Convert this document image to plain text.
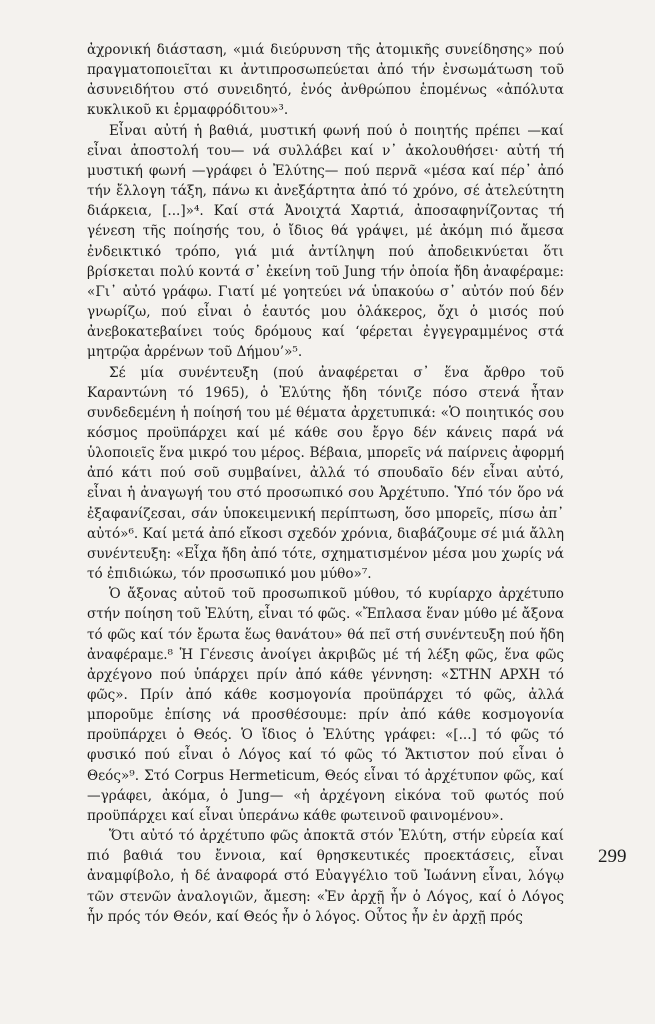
ἀχρονική διάσταση, «μιά διεύρυνση τῆς ἀτομικῆς συνείδησης» πού πραγματοποιεῖται κι ἀντιπροσωπεύεται ἀπό τήν ἐνσωμάτωση τοῦ ἀσυνειδήτου στό συνειδητό, ἑνός ἀνθρώπου ἑπομένως «ἀπόλυτα κυκλικοῦ κι ἑρμαφρόδιτου»³.

Εἶναι αὐτή ἡ βαθιά, μυστική φωνή πού ὁ ποιητής πρέπει —καί εἶναι ἀποστολή του— νά συλλάβει καί ν᾽ ἀκολουθήσει· αὐτή τή μυστική φωνή —γράφει ὁ Ἐλύτης— πού περνᾶ «μέσα καί πέρ᾽ ἀπό τήν ἔλλογη τάξη, πάνω κι ἀνεξάρτητα ἀπό τό χρόνο, σέ ἀτελεύτητη διάρκεια, [...]»⁴. Καί στά Ἀνοιχτά Χαρτιά, ἀποσαφηνίζοντας τή γένεση τῆς ποίησής του, ὁ ἴδιος θά γράψει, μέ ἀκόμη πιό ἄμεσα ἐνδεικτικό τρόπο, γιά μιά ἀντίληψη πού ἀποδεικνύεται ὅτι βρίσκεται πολύ κοντά σ᾽ ἐκείνη τοῦ Jung τήν ὁποία ἤδη ἀναφέραμε: «Γι᾽ αὐτό γράφω. Γιατί μέ γοητεύει νά ὑπακούω σ᾽ αὐτόν πού δέν γνωρίζω, πού εἶναι ὁ ἑαυτός μου ὁλάκερος, ὄχι ὁ μισός πού ἀνεβοκατεβαίνει τούς δρόμους καί ‘φέρεται ἐγγεγραμμένος στά μητρῷα ἀρρένων τοῦ Δήμου’»⁵.

Σέ μία συνέντευξη (πού ἀναφέρεται σ᾽ ἕνα ἄρθρο τοῦ Καραντώνη τό 1965), ὁ Ἐλύτης ἤδη τόνιζε πόσο στενά ἦταν συνδεδεμένη ἡ ποίησή του μέ θέματα ἀρχετυπικά: «Ὁ ποιητικός σου κόσμος προϋπάρχει καί μέ κάθε σου ἔργο δέν κάνεις παρά νά ὑλοποιεῖς ἕνα μικρό του μέρος. Βέβαια, μπορεῖς νά παίρνεις ἀφορμή ἀπό κάτι πού σοῦ συμβαίνει, ἀλλά τό σπουδαῖο δέν εἶναι αὐτό, εἶναι ἡ ἀναγωγή του στό προσωπικό σου Ἀρχέτυπο. Ὑπό τόν ὅρο νά ἐξαφανίζεσαι, σάν ὑποκειμενική περίπτωση, ὅσο μπορεῖς, πίσω ἀπ᾽ αὐτό»⁶. Καί μετά ἀπό εἴκοσι σχεδόν χρόνια, διαβάζουμε σέ μιά ἄλλη συνέντευξη: «Εἶχα ἤδη ἀπό τότε, σχηματισμένον μέσα μου χωρίς νά τό ἐπιδιώκω, τόν προσωπικό μου μύθο»⁷.

Ὁ ἄξονας αὐτοῦ τοῦ προσωπικοῦ μύθου, τό κυρίαρχο ἀρχέτυπο στήν ποίηση τοῦ Ἐλύτη, εἶναι τό φῶς. «Ἔπλασα ἕναν μύθο μέ ἄξονα τό φῶς καί τόν ἔρωτα ἕως θανάτου» θά πεῖ στή συνέντευξη πού ἤδη ἀναφέραμε.⁸ Ἡ Γένεσις ἀνοίγει ἀκριβῶς μέ τή λέξη φῶς, ἕνα φῶς ἀρχέγονο πού ὑπάρχει πρίν ἀπό κάθε γέννηση: «ΣΤΗΝ ΑΡΧΗ τό φῶς». Πρίν ἀπό κάθε κοσμογονία προϋπάρχει τό φῶς, ἀλλά μποροῦμε ἐπίσης νά προσθέσουμε: πρίν ἀπό κάθε κοσμογονία προϋπάρχει ὁ Θεός. Ὁ ἴδιος ὁ Ἐλύτης γράφει: «[...] τό φῶς τό φυσικό πού εἶναι ὁ Λόγος καί τό φῶς τό Ἄκτιστον πού εἶναι ὁ Θεός»⁹. Στό Corpus Hermeticum, Θεός εἶναι τό ἀρχέτυπον φῶς, καί —γράφει, ἀκόμα, ὁ Jung— «ἡ ἀρχέγονη εἰκόνα τοῦ φωτός πού προϋπάρχει καί εἶναι ὑπεράνω κάθε φωτεινοῦ φαινομένου».

Ὅτι αὐτό τό ἀρχέτυπο φῶς ἀποκτᾶ στόν Ἐλύτη, στήν εὐρεία καί πιό βαθιά του ἔννοια, καί θρησκευτικές προεκτάσεις, εἶναι ἀναμφίβολο, ἡ δέ ἀναφορά στό Εὐαγγέλιο τοῦ Ἰωάννη εἶναι, λόγῳ τῶν στενῶν ἀναλογιῶν, ἄμεση: «Ἐν ἀρχῇ ἦν ὁ Λόγος, καί ὁ Λόγος ἦν πρός τόν Θεόν, καί Θεός ἦν ὁ λόγος. Οὗτος ἦν ἐν ἀρχῇ πρός

299
